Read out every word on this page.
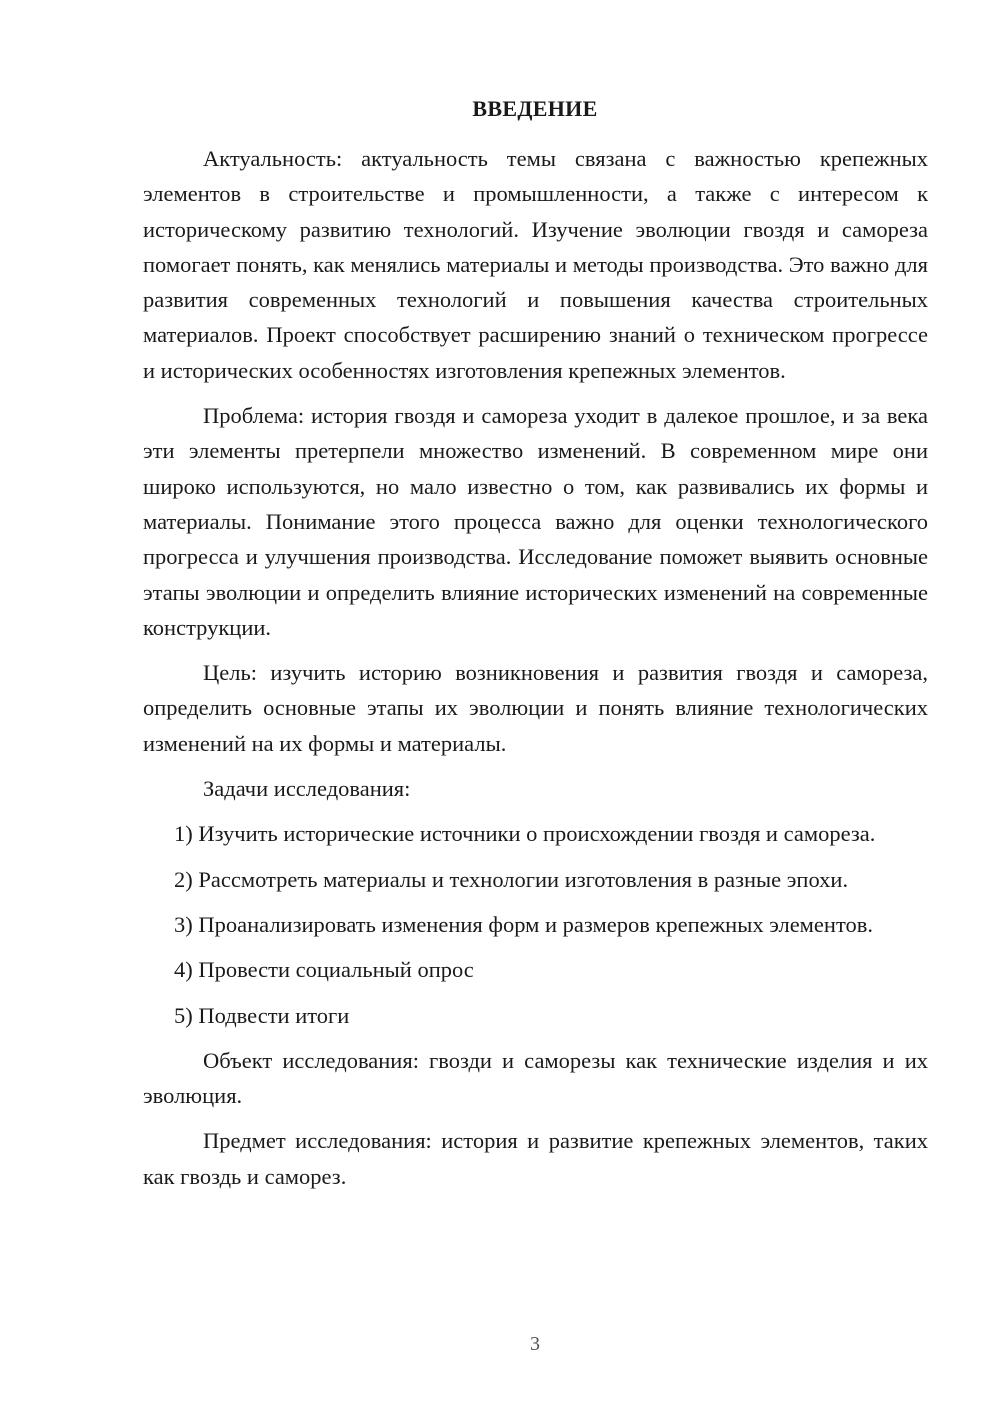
ВВЕДЕНИЕ

Актуальность: актуальность темы связана с важностью крепежных элементов в строительстве и промышленности, а также с интересом к историческому развитию технологий. Изучение эволюции гвоздя и самореза помогает понять, как менялись материалы и методы производства. Это важно для развития современных технологий и повышения качества строительных материалов. Проект способствует расширению знаний о техническом прогрессе и исторических особенностях изготовления крепежных элементов.

Проблема: история гвоздя и самореза уходит в далекое прошлое, и за века эти элементы претерпели множество изменений. В современном мире они широко используются, но мало известно о том, как развивались их формы и материалы. Понимание этого процесса важно для оценки технологического прогресса и улучшения производства. Исследование поможет выявить основные этапы эволюции и определить влияние исторических изменений на современные конструкции.

Цель: изучить историю возникновения и развития гвоздя и самореза, определить основные этапы их эволюции и понять влияние технологических изменений на их формы и материалы.

Задачи исследования:

1) Изучить исторические источники о происхождении гвоздя и самореза.

2) Рассмотреть материалы и технологии изготовления в разные эпохи.

3) Проанализировать изменения форм и размеров крепежных элементов.

4) Провести социальный опрос

5) Подвести итоги

Объект исследования: гвозди и саморезы как технические изделия и их эволюция.

Предмет исследования: история и развитие крепежных элементов, таких как гвоздь и саморез.

3
